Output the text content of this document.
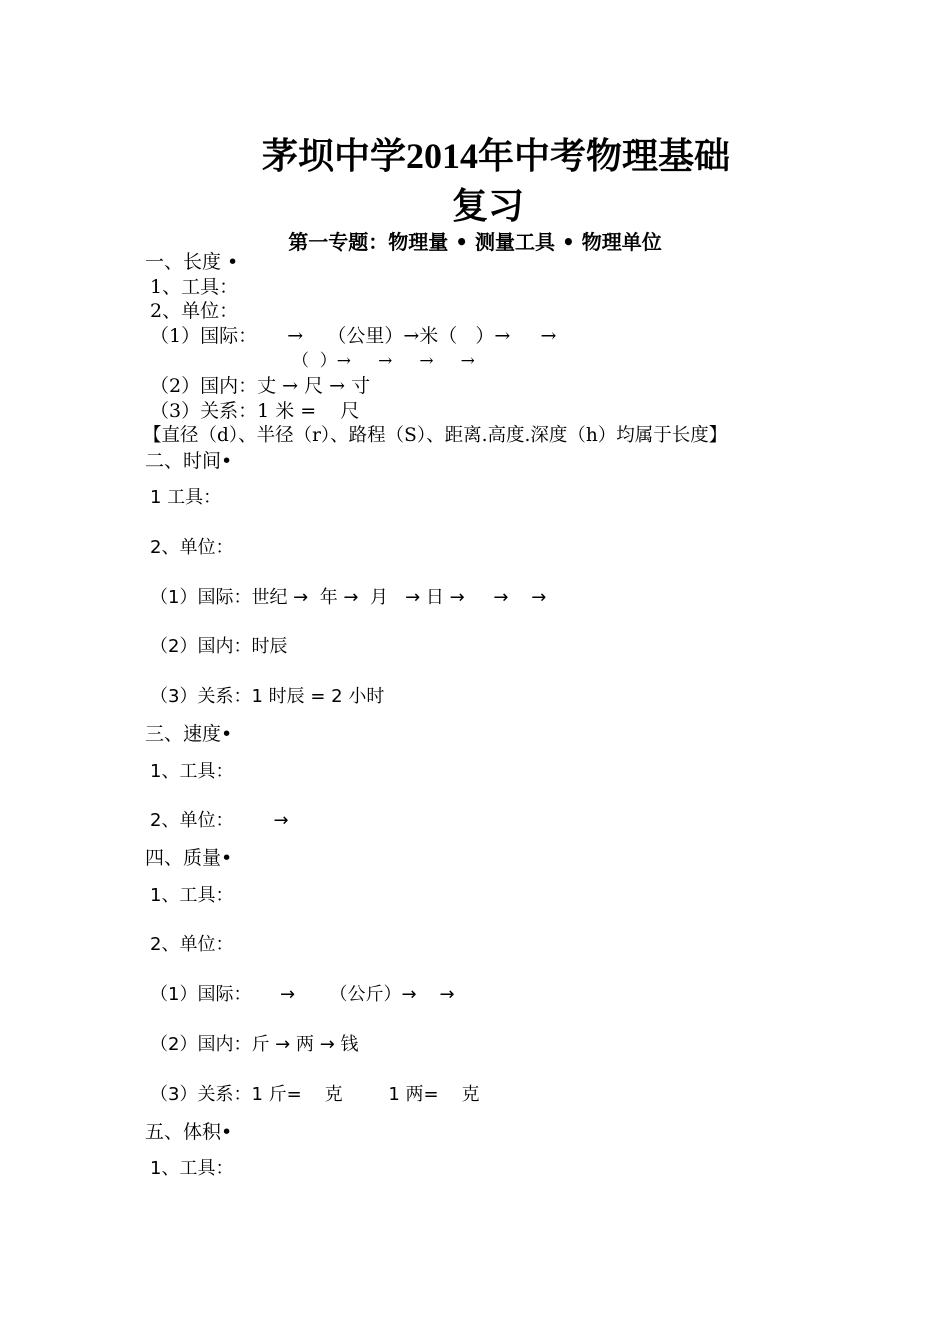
茅坝中学2014年中考物理基础
复习
第一专题：物理量 • 测量工具 • 物理单位
一、长度 •
1、工具：
2、单位：
（1）国际：     →    （公里）→米（   ）→     →
（  ）→     →     →     →
（2）国内：丈 → 尺 → 寸
（3）关系：1 米 =    尺
【直径（d）、半径（r）、路程（S）、距离.高度.深度（h）均属于长度】
二、时间•
1 工具：
2、单位：
（1）国际：世纪 →  年 →  月   → 日 →     →    →
（2）国内：时辰
（3）关系：1 时辰 = 2 小时
三、速度•
1、工具：
2、单位：       →
四、质量•
1、工具：
2、单位：
（1）国际：     →      （公斤）→    →
（2）国内：斤 → 两 → 钱
（3）关系：1 斤=    克        1 两=    克
五、体积•
1、工具：
